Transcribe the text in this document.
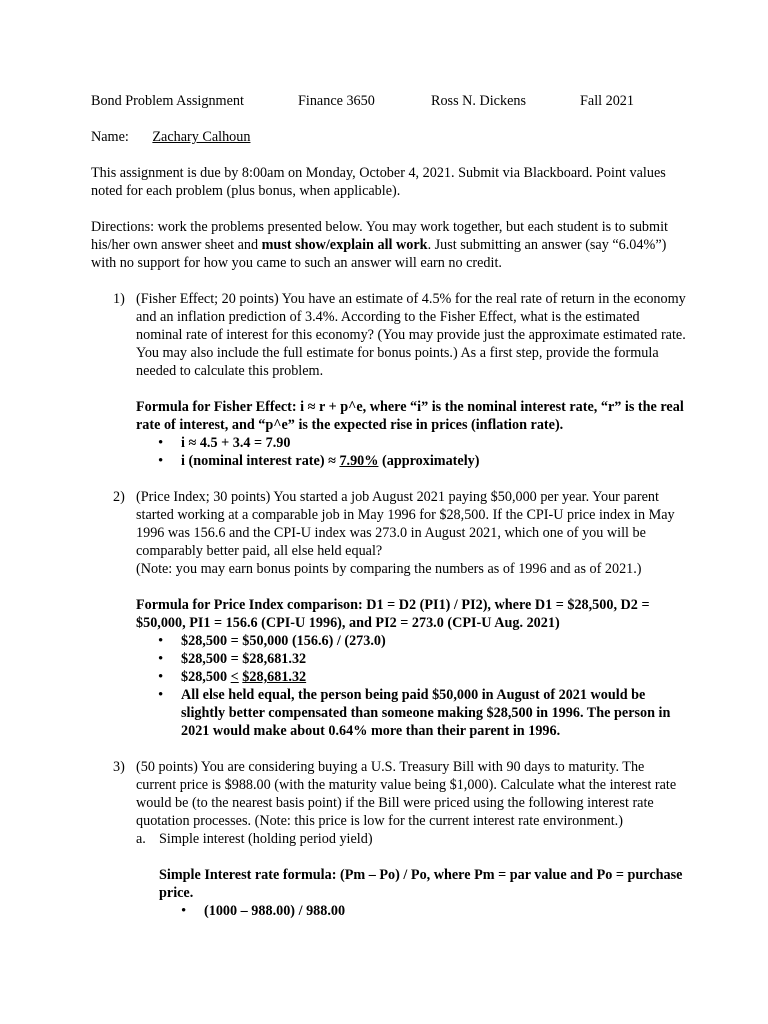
Bond Problem Assignment	Finance 3650	Ross N. Dickens	Fall 2021
Name: Zachary Calhoun

This assignment is due by 8:00am on Monday, October 4, 2021. Submit via Blackboard. Point values noted for each problem (plus bonus, when applicable).

Directions: work the problems presented below. You may work together, but each student is to submit his/her own answer sheet and must show/explain all work. Just submitting an answer (say “6.04%”) with no support for how you came to such an answer will earn no credit.

1) (Fisher Effect; 20 points) You have an estimate of 4.5% for the real rate of return in the economy and an inflation prediction of 3.4%. According to the Fisher Effect, what is the estimated nominal rate of interest for this economy? (You may provide just the approximate estimated rate. You may also include the full estimate for bonus points.) As a first step, provide the formula needed to calculate this problem.

Formula for Fisher Effect: i ≈ r + p^e, where “i” is the nominal interest rate, “r” is the real rate of interest, and “p^e” is the expected rise in prices (inflation rate).

• i ≈ 4.5 + 3.4 = 7.90
• i (nominal interest rate) ≈ 7.90% (approximately)
2) (Price Index; 30 points) You started a job August 2021 paying $50,000 per year. Your parent started working at a comparable job in May 1996 for $28,500. If the CPI-U price index in May 1996 was 156.6 and the CPI-U index was 273.0 in August 2021, which one of you will be comparably better paid, all else held equal?

(Note: you may earn bonus points by comparing the numbers as of 1996 and as of 2021.)

Formula for Price Index comparison: D1 = D2 (PI1) / PI2), where D1 = $28,500, D2 = $50,000, PI1 = 156.6 (CPI-U 1996), and PI2 = 273.0 (CPI-U Aug. 2021)

• $28,500 = $50,000 (156.6) / (273.0)
• $28,500 = $28,681.32
• $28,500 < $28,681.32
• All else held equal, the person being paid $50,000 in August of 2021 would be slightly better compensated than someone making $28,500 in 1996. The person in 2021 would make about 0.64% more than their parent in 1996.
3) (50 points) You are considering buying a U.S. Treasury Bill with 90 days to maturity. The current price is $988.00 (with the maturity value being $1,000). Calculate what the interest rate would be (to the nearest basis point) if the Bill were priced using the following interest rate quotation processes. (Note: this price is low for the current interest rate environment.)

a. Simple interest (holding period yield)

Simple Interest rate formula: (Pm – Po) / Po, where Pm = par value and Po = purchase price.

• (1000 – 988.00) / 988.00
